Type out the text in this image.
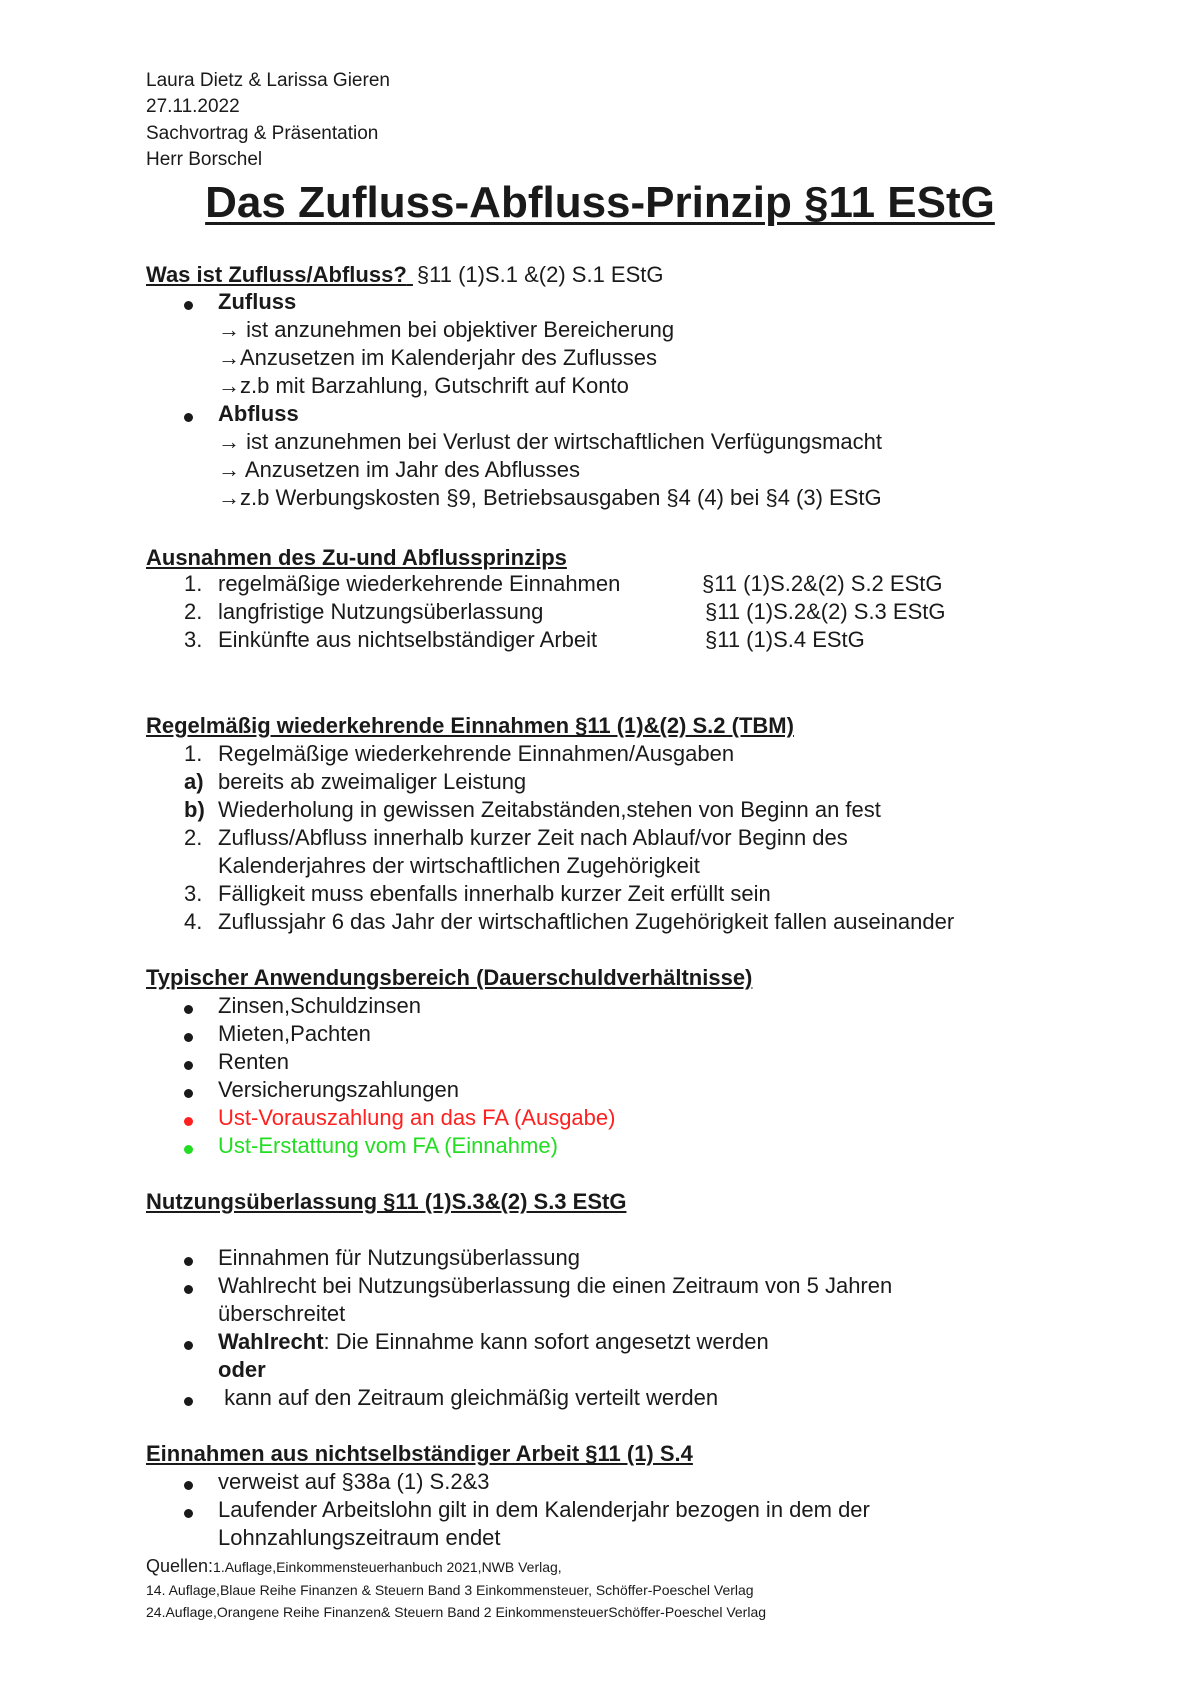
Laura Dietz & Larissa Gieren
27.11.2022
Sachvortrag & Präsentation
Herr Borschel
Das Zufluss-Abfluss-Prinzip §11 EStG
Was ist Zufluss/Abfluss? §11 (1)S.1 &(2) S.1 EStG
Zufluss
→ ist anzunehmen bei objektiver Bereicherung
→Anzusetzen im Kalenderjahr des Zuflusses
→z.b mit Barzahlung, Gutschrift auf Konto
Abfluss
→ ist anzunehmen bei Verlust der wirtschaftlichen Verfügungsmacht
→ Anzusetzen im Jahr des Abflusses
→z.b Werbungskosten §9, Betriebsausgaben §4 (4) bei §4 (3) EStG
Ausnahmen des Zu-und Abflussprinzips
1. regelmäßige wiederkehrende Einnahmen	§11 (1)S.2&(2) S.2 EStG
2. langfristige Nutzungsüberlassung	§11 (1)S.2&(2) S.3 EStG
3. Einkünfte aus nichtselbständiger Arbeit	§11 (1)S.4 EStG
Regelmäßig wiederkehrende Einnahmen §11 (1)&(2) S.2 (TBM)
1. Regelmäßige wiederkehrende Einnahmen/Ausgaben
a) bereits ab zweimaliger Leistung
b) Wiederholung in gewissen Zeitabständen,stehen von Beginn an fest
2. Zufluss/Abfluss innerhalb kurzer Zeit nach Ablauf/vor Beginn des
Kalenderjahres der wirtschaftlichen Zugehörigkeit
3. Fälligkeit muss ebenfalls innerhalb kurzer Zeit erfüllt sein
4. Zuflussjahr 6 das Jahr der wirtschaftlichen Zugehörigkeit fallen auseinander
Typischer Anwendungsbereich (Dauerschuldverhältnisse)
Zinsen,Schuldzinsen
Mieten,Pachten
Renten
Versicherungszahlungen
Ust-Vorauszahlung an das FA (Ausgabe)
Ust-Erstattung vom FA (Einnahme)
Nutzungsüberlassung §11 (1)S.3&(2) S.3 EStG
Einnahmen für Nutzungsüberlassung
Wahlrecht bei Nutzungsüberlassung die einen Zeitraum von 5 Jahren
überschreitet
Wahlrecht: Die Einnahme kann sofort angesetzt werden
oder
kann auf den Zeitraum gleichmäßig verteilt werden
Einnahmen aus nichtselbständiger Arbeit §11 (1) S.4
verweist auf §38a (1) S.2&3
Laufender Arbeitslohn gilt in dem Kalenderjahr bezogen in dem der
Lohnzahlungszeitraum endet
Quellen:1.Auflage,Einkommensteuerhanbuch 2021,NWB Verlag,
14. Auflage,Blaue Reihe Finanzen & Steuern Band 3 Einkommensteuer, Schöffer-Poeschel Verlag
24.Auflage,Orangene Reihe Finanzen& Steuern Band 2 EinkommensteuerSchöffer-Poeschel Verlag
